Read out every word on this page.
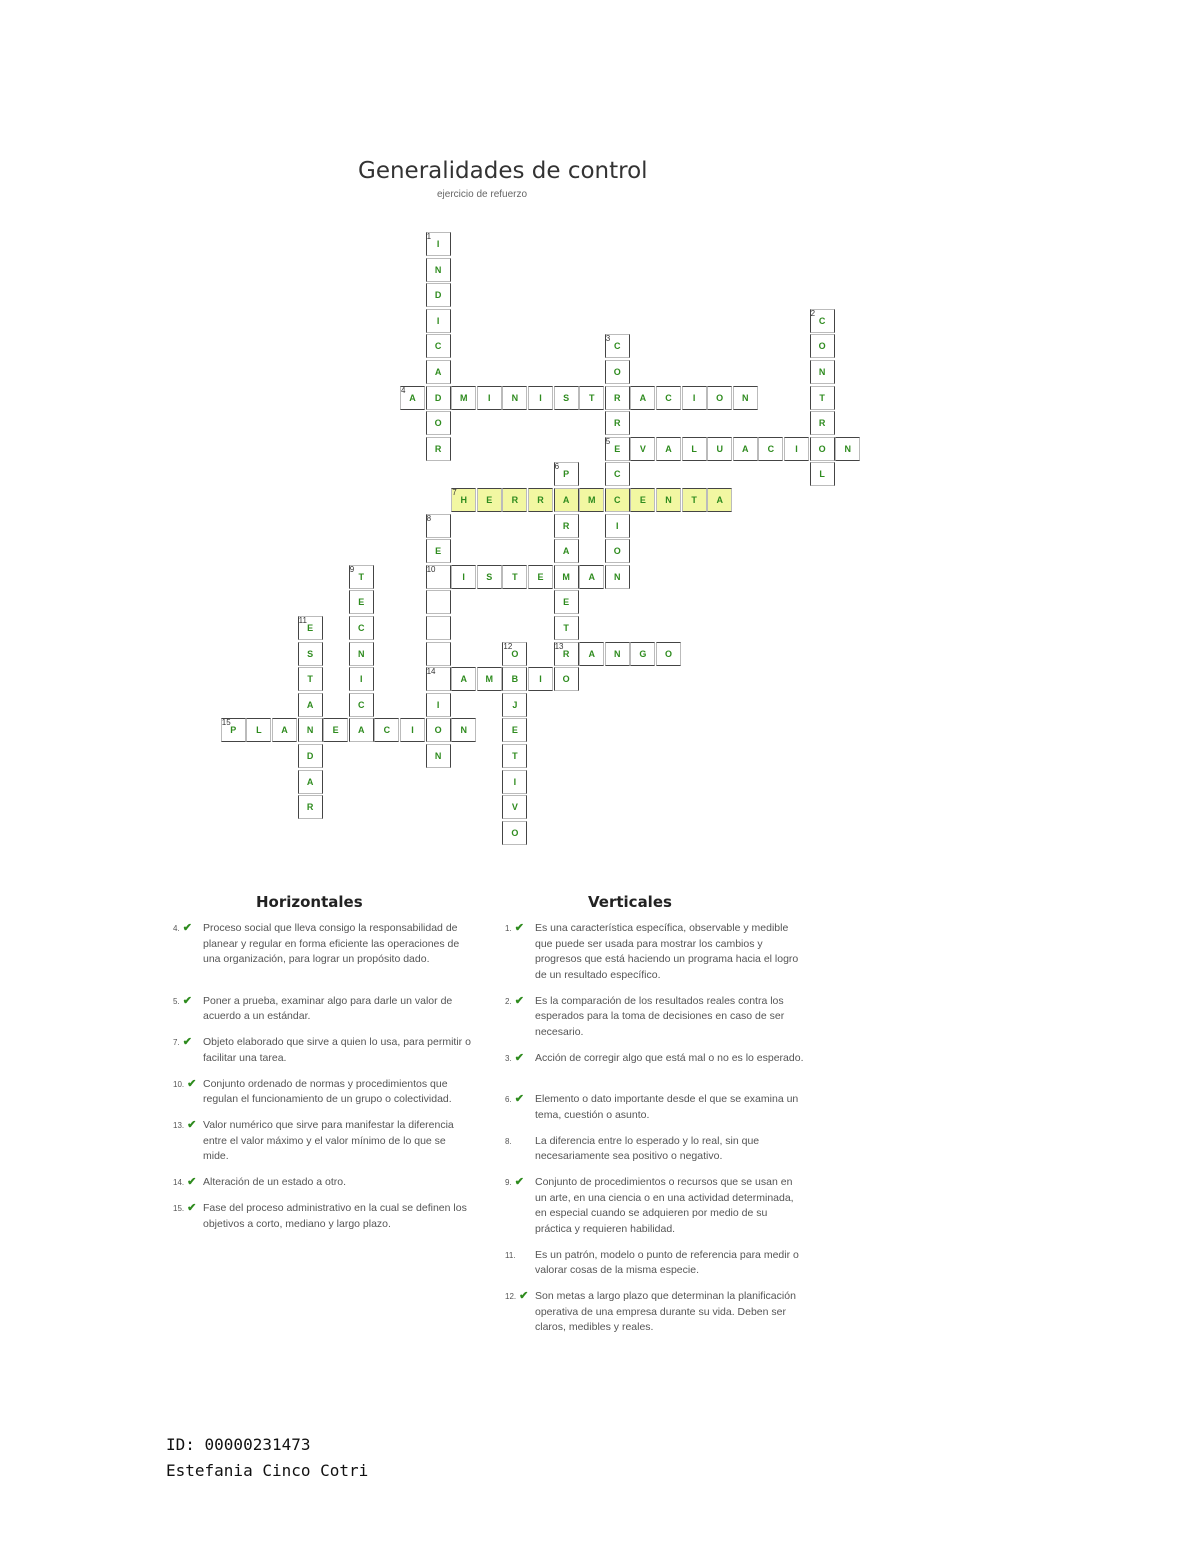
Generalidades de control
ejercicio de refuerzo
I
N
D
I
C
A
D
O
R
C
O
N
T
R
O
L
C
O
R
R
E
C
C
I
O
N
A	M	I	N	I	S	T	A	C	I	O	N
V	A	L	U	A	C	I	N
P
A
R
A
M
E
T
R
O
H	E	R	R	M	E	N	T	A
E
I
O
N
T
E
C
N
I
C
A
I	S	T	E	A
E
S
T
A
N
D
A
R
O
B
J
E
T
I
V
O
A	N	G	O
A	M	I
P	L	A	E	C	I	N
1
2
3
4
5
6
7
8
9	10
11
12	13
14
15
Horizontales	Verticales
4. ✔	Proceso social que lleva consigo la responsabilidad de planear y regular en forma eficiente las operaciones de una organización, para lograr un propósito dado.
5. ✔	Poner a prueba, examinar algo para darle un valor de acuerdo a un estándar.
7. ✔	Objeto elaborado que sirve a quien lo usa, para permitir o facilitar una tarea.
10. ✔ Conjunto ordenado de normas y procedimientos que regulan el funcionamiento de un grupo o colectividad.
13. ✔ Valor numérico que sirve para manifestar la diferencia entre el valor máximo y el valor mínimo de lo que se mide.
14. ✔ Alteración de un estado a otro.
15. ✔ Fase del proceso administrativo en la cual se definen los objetivos a corto, mediano y largo plazo.
1. ✔	Es una característica específica, observable y medible que puede ser usada para mostrar los cambios y progresos que está haciendo un programa hacia el logro de un resultado específico.
2. ✔	Es la comparación de los resultados reales contra los esperados para la toma de decisiones en caso de ser necesario.
3. ✔	Acción de corregir algo que está mal o no es lo esperado.
6. ✔	Elemento o dato importante desde el que se examina un tema, cuestión o asunto.
8.	La diferencia entre lo esperado y lo real, sin que necesariamente sea positivo o negativo.
9. ✔	Conjunto de procedimientos o recursos que se usan en un arte, en una ciencia o en una actividad determinada, en especial cuando se adquieren por medio de su práctica y requieren habilidad.
11.	Es un patrón, modelo o punto de referencia para medir o valorar cosas de la misma especie.
12. ✔ Son metas a largo plazo que determinan la planificación operativa de una empresa durante su vida. Deben ser claros, medibles y reales.
ID: 00000231473
Estefania Cinco Cotri
